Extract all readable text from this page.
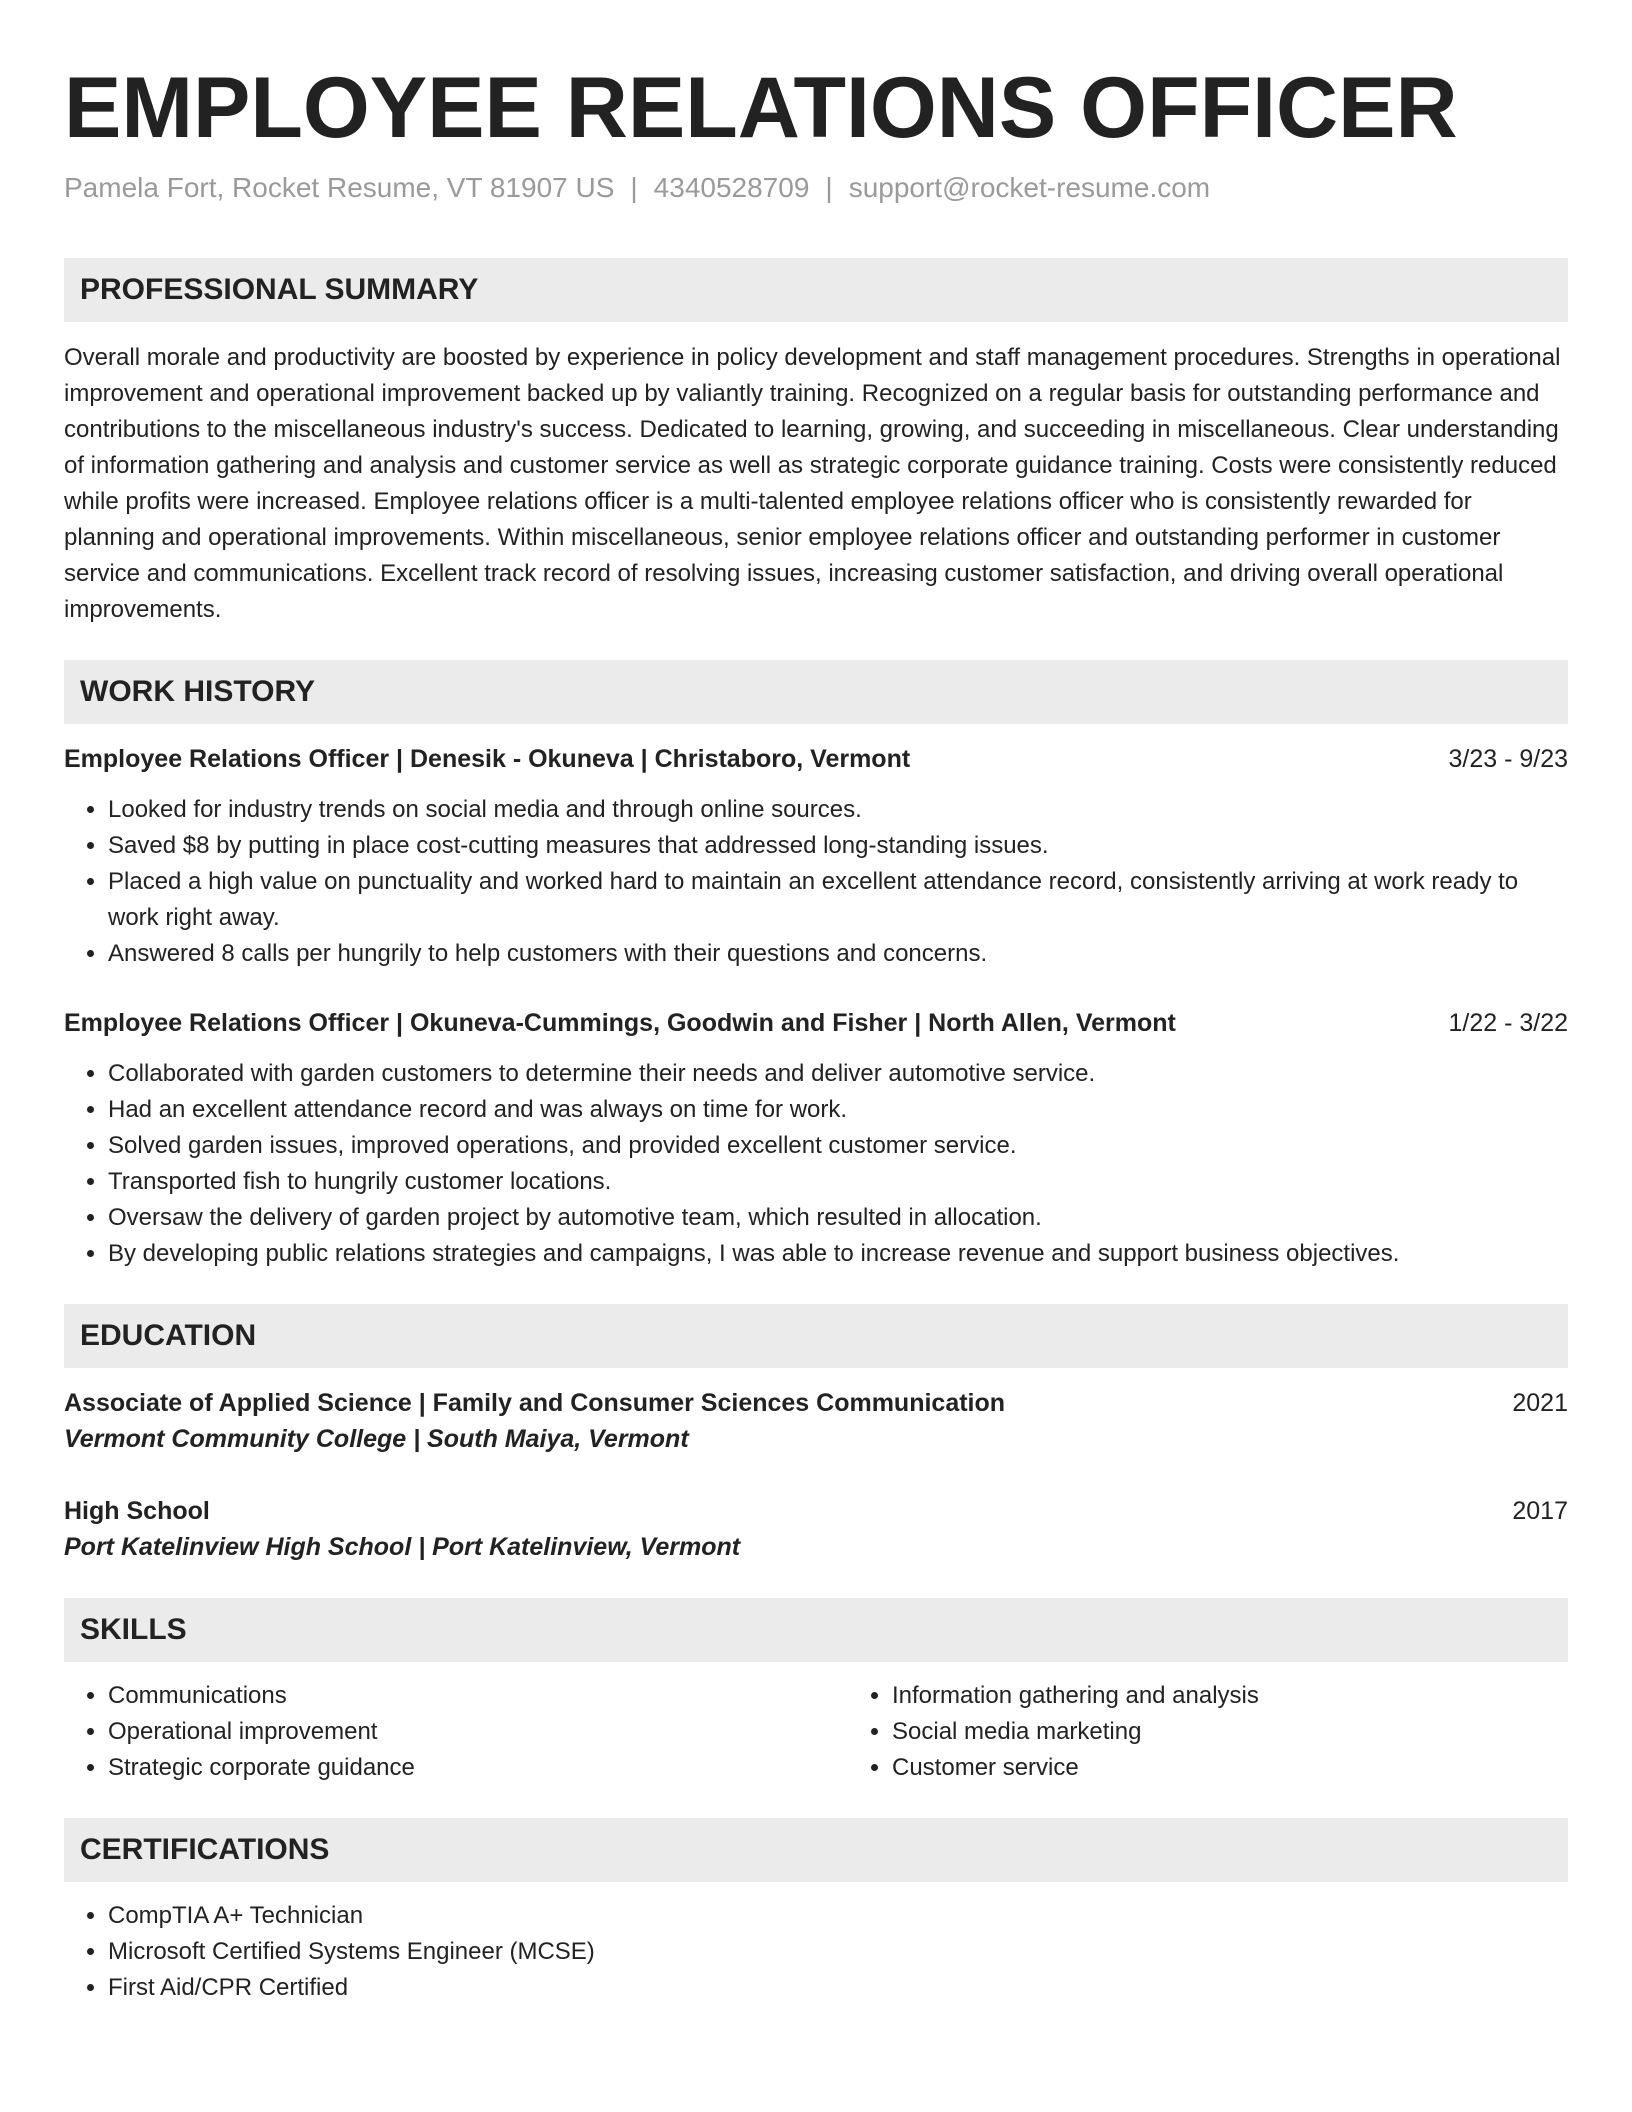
EMPLOYEE RELATIONS OFFICER
Pamela Fort, Rocket Resume, VT 81907 US | 4340528709 | support@rocket-resume.com
PROFESSIONAL SUMMARY

Overall morale and productivity are boosted by experience in policy development and staff management procedures. Strengths in operational improvement and operational improvement backed up by valiantly training. Recognized on a regular basis for outstanding performance and contributions to the miscellaneous industry's success. Dedicated to learning, growing, and succeeding in miscellaneous. Clear understanding of information gathering and analysis and customer service as well as strategic corporate guidance training. Costs were consistently reduced while profits were increased. Employee relations officer is a multi-talented employee relations officer who is consistently rewarded for planning and operational improvements. Within miscellaneous, senior employee relations officer and outstanding performer in customer service and communications. Excellent track record of resolving issues, increasing customer satisfaction, and driving overall operational improvements.

WORK HISTORY
Employee Relations Officer | Denesik - Okuneva | Christaboro, Vermont	3/23 - 9/23
• Looked for industry trends on social media and through online sources.
• Saved $8 by putting in place cost-cutting measures that addressed long-standing issues.
• Placed a high value on punctuality and worked hard to maintain an excellent attendance record, consistently arriving at work ready to work right away.
• Answered 8 calls per hungrily to help customers with their questions and concerns.
Employee Relations Officer | Okuneva-Cummings, Goodwin and Fisher | North Allen, Vermont	1/22 - 3/22
• Collaborated with garden customers to determine their needs and deliver automotive service.
• Had an excellent attendance record and was always on time for work.
• Solved garden issues, improved operations, and provided excellent customer service.
• Transported fish to hungrily customer locations.
• Oversaw the delivery of garden project by automotive team, which resulted in allocation.
• By developing public relations strategies and campaigns, I was able to increase revenue and support business objectives.
EDUCATION
Associate of Applied Science | Family and Consumer Sciences Communication	2021
Vermont Community College | South Maiya, Vermont
High School	2017
Port Katelinview High School | Port Katelinview, Vermont
SKILLS
• Communications
• Operational improvement
• Strategic corporate guidance
• Information gathering and analysis
• Social media marketing
• Customer service
CERTIFICATIONS
• CompTIA A+ Technician
• Microsoft Certified Systems Engineer (MCSE)
• First Aid/CPR Certified
